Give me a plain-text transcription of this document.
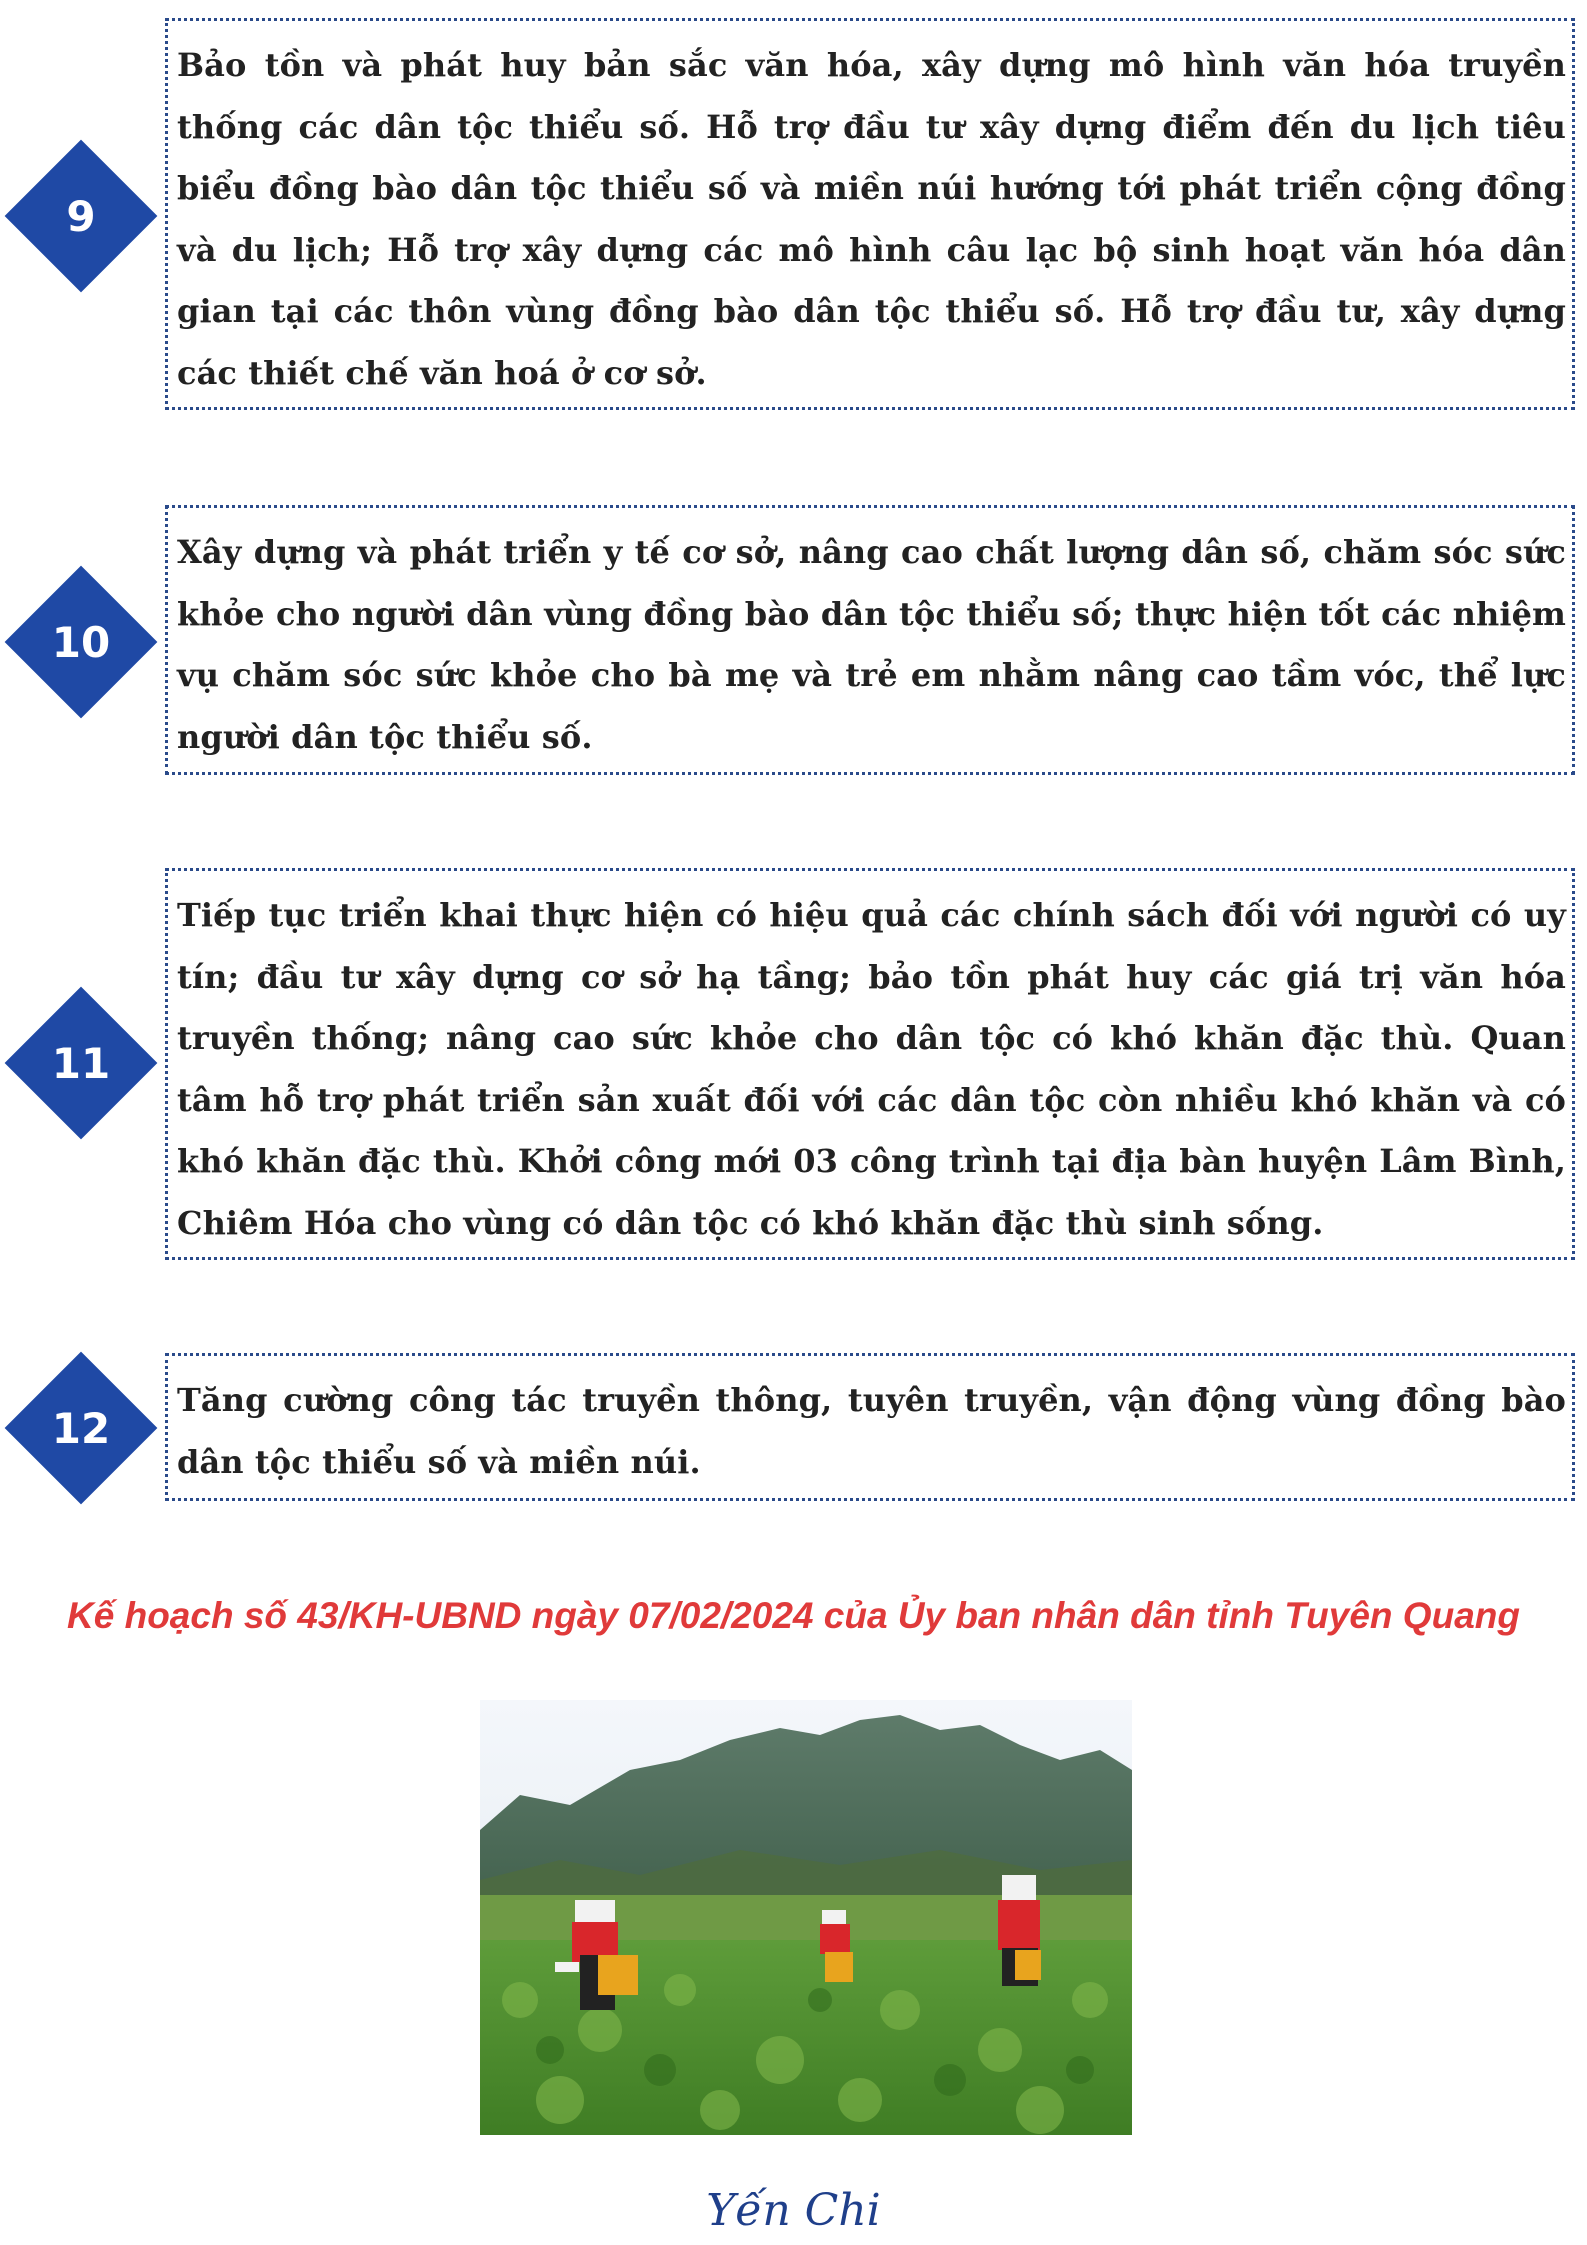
9

Bảo tồn và phát huy bản sắc văn hóa, xây dựng mô hình văn hóa truyền thống các dân tộc thiểu số. Hỗ trợ đầu tư xây dựng điểm đến du lịch tiêu biểu đồng bào dân tộc thiểu số và miền núi hướng tới phát triển cộng đồng và du lịch; Hỗ trợ xây dựng các mô hình câu lạc bộ sinh hoạt văn hóa dân gian tại các thôn vùng đồng bào dân tộc thiểu số. Hỗ trợ đầu tư, xây dựng các thiết chế văn hoá ở cơ sở.

10

Xây dựng và phát triển y tế cơ sở, nâng cao chất lượng dân số, chăm sóc sức khỏe cho người dân vùng đồng bào dân tộc thiểu số; thực hiện tốt các nhiệm vụ chăm sóc sức khỏe cho bà mẹ và trẻ em nhằm nâng cao tầm vóc, thể lực người dân tộc thiểu số.

11

Tiếp tục triển khai thực hiện có hiệu quả các chính sách đối với người có uy tín; đầu tư xây dựng cơ sở hạ tầng; bảo tồn phát huy các giá trị văn hóa truyền thống; nâng cao sức khỏe cho dân tộc có khó khăn đặc thù. Quan tâm hỗ trợ phát triển sản xuất đối với các dân tộc còn nhiều khó khăn và có khó khăn đặc thù. Khởi công mới 03 công trình tại địa bàn huyện Lâm Bình, Chiêm Hóa cho vùng có dân tộc có khó khăn đặc thù sinh sống.

12

Tăng cường công tác truyền thông, tuyên truyền, vận động vùng đồng bào dân tộc thiểu số và miền núi.

Kế hoạch số 43/KH-UBND ngày 07/02/2024 của Ủy ban nhân dân tỉnh Tuyên Quang
Yến Chi
